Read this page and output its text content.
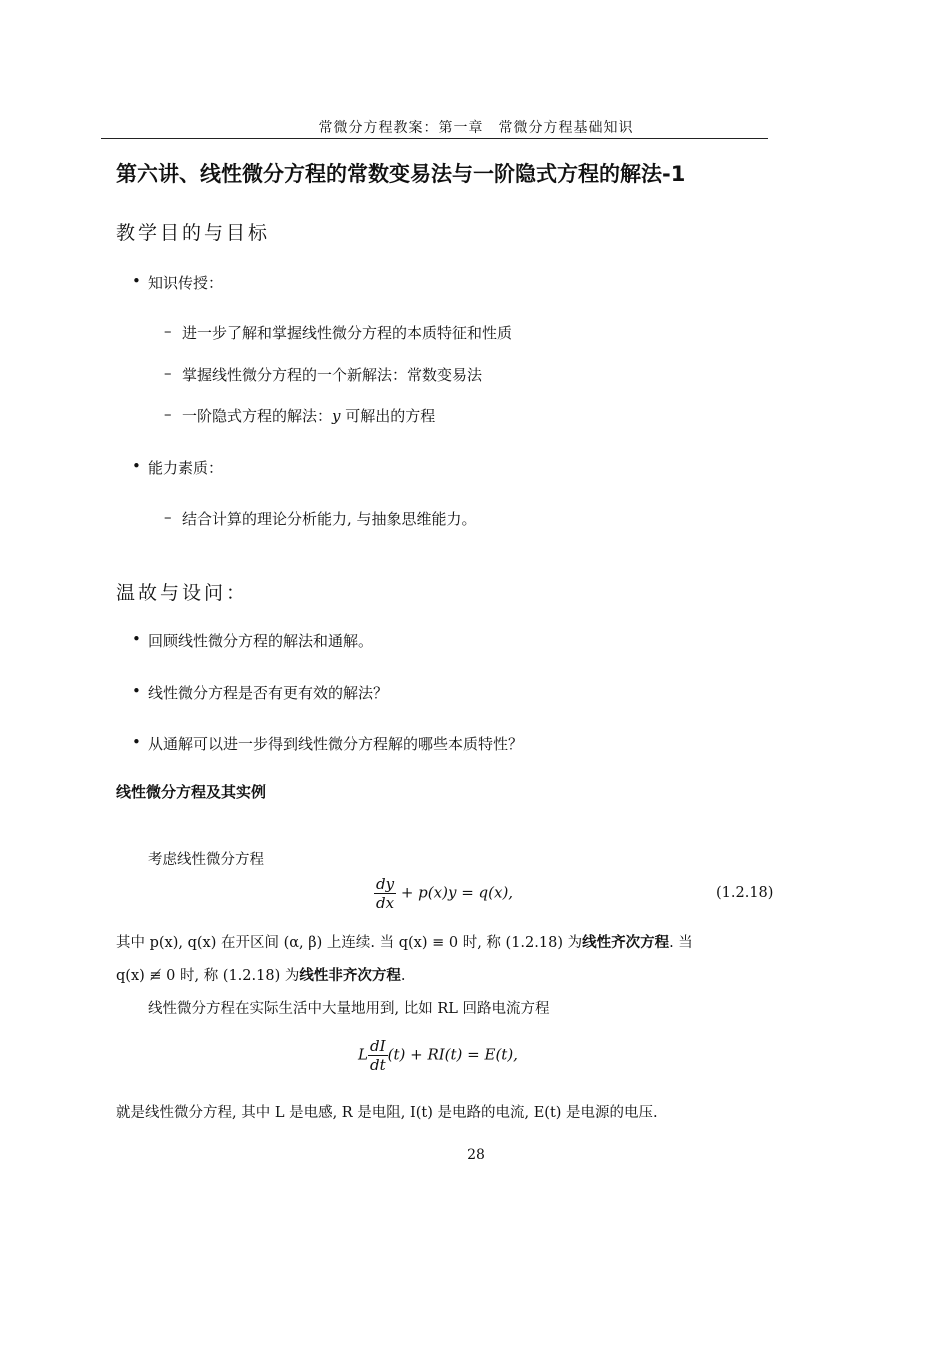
常微分方程教案：第一章　常微分方程基础知识
第六讲、线性微分方程的常数变易法与一阶隐式方程的解法-1
教学目的与目标
• 知识传授：
– 进一步了解和掌握线性微分方程的本质特征和性质
– 掌握线性微分方程的一个新解法：常数变易法
– 一阶隐式方程的解法：y 可解出的方程
• 能力素质：
– 结合计算的理论分析能力, 与抽象思维能力。
温故与设问：
• 回顾线性微分方程的解法和通解。
• 线性微分方程是否有更有效的解法？
• 从通解可以进一步得到线性微分方程解的哪些本质特性？
线性微分方程及其实例
考虑线性微分方程
$\frac{dy}{dx} + p(x)y = q(x)$,	(1.2.18)
其中 p(x), q(x) 在开区间 (α, β) 上连续. 当 q(x) ≡ 0 时, 称 (1.2.18) 为线性齐次方程. 当
q(x) ≢ 0 时, 称 (1.2.18) 为线性非齐次方程.
线性微分方程在实际生活中大量地用到, 比如 RL 回路电流方程
L $\frac{dI}{dt} (t) + RI(t) = E(t)$,
就是线性微分方程, 其中 L 是电感, R 是电阻, I(t) 是电路的电流, E(t) 是电源的电压.
28
